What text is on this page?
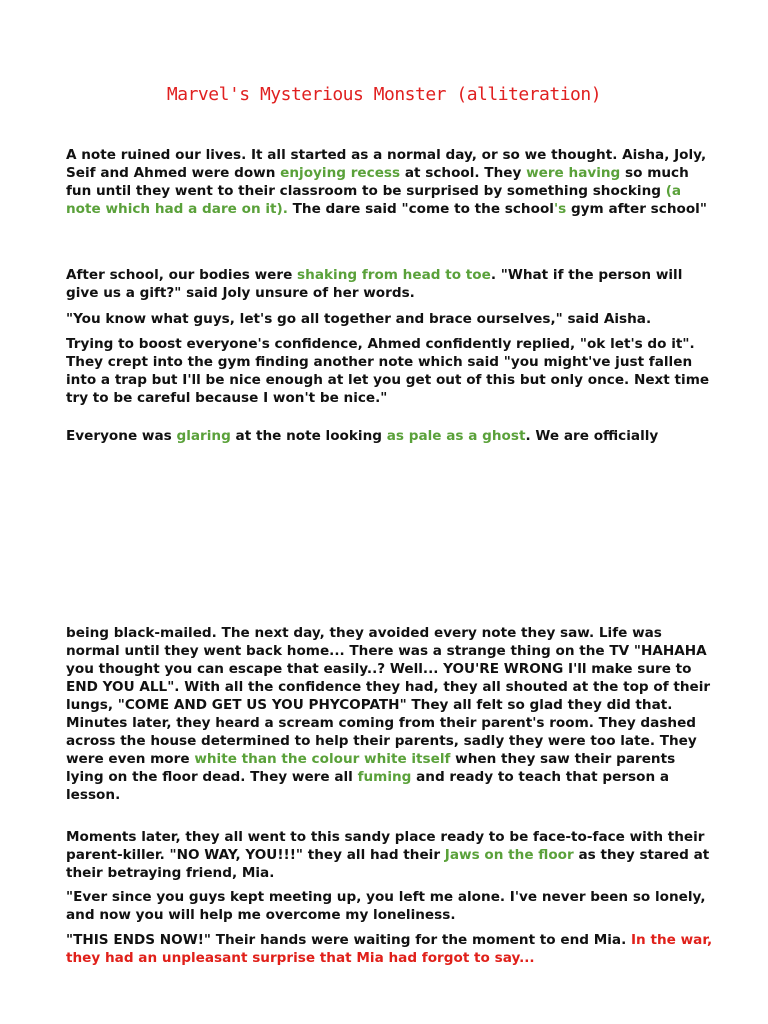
Marvel's Mysterious Monster (alliteration)

A note ruined our lives. It all started as a normal day, or so we thought. Aisha, Joly, Seif and Ahmed were down enjoying recess at school. They were having so much fun until they went to their classroom to be surprised by something shocking (a note which had a dare on it). The dare said "come to the school's gym after school"

After school, our bodies were shaking from head to toe. "What if the person will give us a gift?" said Joly unsure of her words.

"You know what guys, let's go all together and brace ourselves," said Aisha.

Trying to boost everyone's confidence, Ahmed confidently replied, "ok let's do it". They crept into the gym finding another note which said "you might've just fallen into a trap but I'll be nice enough at let you get out of this but only once. Next time try to be careful because I won't be nice."

Everyone was glaring at the note looking as pale as a ghost. We are officially

being black-mailed. The next day, they avoided every note they saw. Life was normal until they went back home... There was a strange thing on the TV "HAHAHA you thought you can escape that easily..? Well... YOU'RE WRONG I'll make sure to END YOU ALL". With all the confidence they had, they all shouted at the top of their lungs, "COME AND GET US YOU PHYCOPATH" They all felt so glad they did that. Minutes later, they heard a scream coming from their parent's room. They dashed across the house determined to help their parents, sadly they were too late. They were even more white than the colour white itself when they saw their parents lying on the floor dead. They were all fuming and ready to teach that person a lesson.

Moments later, they all went to this sandy place ready to be face-to-face with their parent-killer. "NO WAY, YOU!!!" they all had their Jaws on the floor as they stared at their betraying friend, Mia.

"Ever since you guys kept meeting up, you left me alone. I've never been so lonely, and now you will help me overcome my loneliness.

"THIS ENDS NOW!" Their hands were waiting for the moment to end Mia. In the war, they had an unpleasant surprise that Mia had forgot to say...
